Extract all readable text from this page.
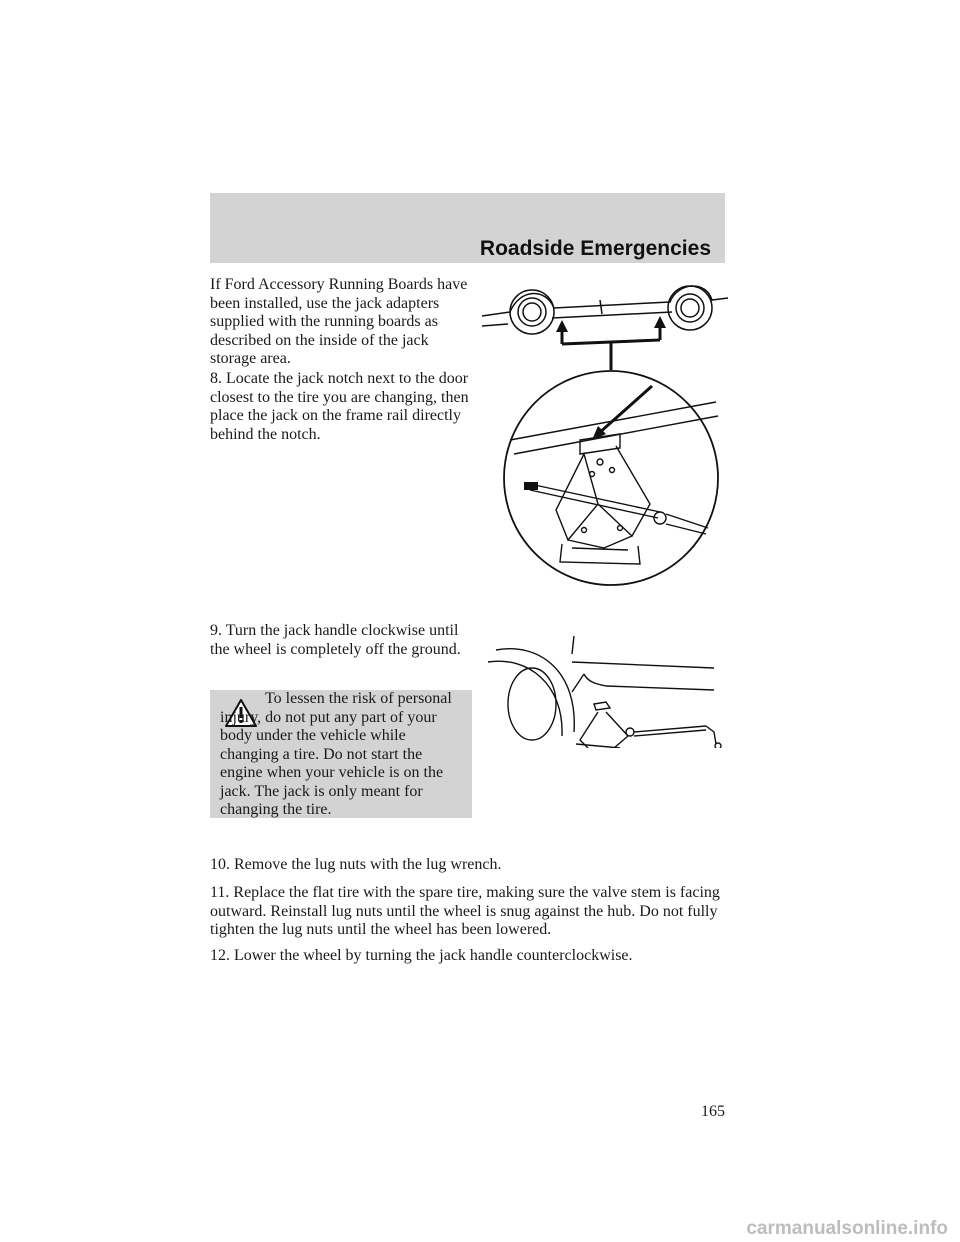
Roadside Emergencies

If Ford Accessory Running Boards have been installed, use the jack adapters supplied with the running boards as described on the inside of the jack storage area.

8. Locate the jack notch next to the door closest to the tire you are changing, then place the jack on the frame rail directly behind the notch.

9. Turn the jack handle clockwise until the wheel is completely off the ground.

To lessen the risk of personal injury, do not put any part of your body under the vehicle while changing a tire. Do not start the engine when your vehicle is on the jack. The jack is only meant for changing the tire.

10. Remove the lug nuts with the lug wrench.

11. Replace the flat tire with the spare tire, making sure the valve stem is facing outward. Reinstall lug nuts until the wheel is snug against the hub. Do not fully tighten the lug nuts until the wheel has been lowered.

12. Lower the wheel by turning the jack handle counterclockwise.

165
carmanualsonline.info
